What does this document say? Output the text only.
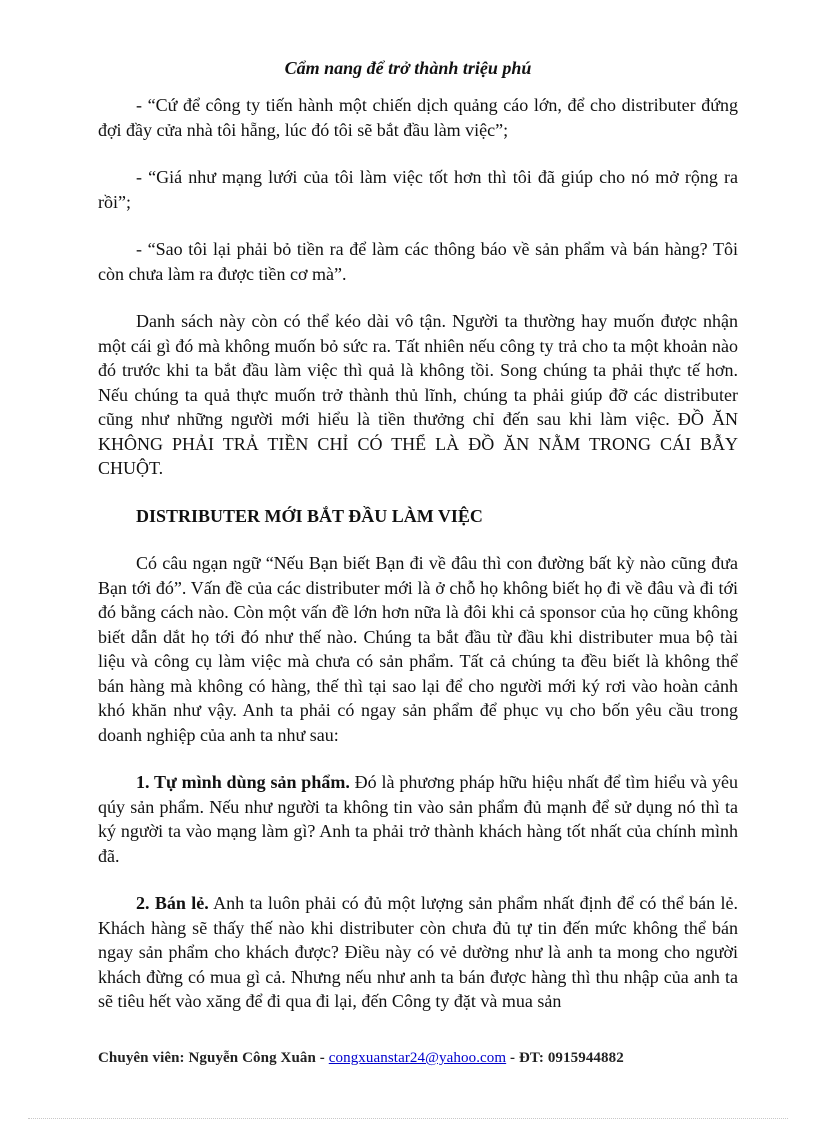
Cẩm nang để trở thành triệu phú

- “Cứ để công ty tiến hành một chiến dịch quảng cáo lớn, để cho distributer đứng đợi đầy cửa nhà tôi hẵng, lúc đó tôi sẽ bắt đầu làm việc”;

- “Giá như mạng lưới của tôi làm việc tốt hơn thì tôi đã giúp cho nó mở rộng ra rồi”;

- “Sao tôi lại phải bỏ tiền ra để làm các thông báo về sản phẩm và bán hàng? Tôi còn chưa làm ra được tiền cơ mà”.

Danh sách này còn có thể kéo dài vô tận. Người ta thường hay muốn được nhận một cái gì đó mà không muốn bỏ sức ra. Tất nhiên nếu công ty trả cho ta một khoản nào đó trước khi ta bắt đầu làm việc thì quả là không tồi. Song chúng ta phải thực tế hơn. Nếu chúng ta quả thực muốn trở thành thủ lĩnh, chúng ta phải giúp đỡ các distributer cũng như những người mới hiểu là tiền thưởng chỉ đến sau khi làm việc. ĐỒ ĂN KHÔNG PHẢI TRẢ TIỀN CHỈ CÓ THỂ LÀ ĐỒ ĂN NẰM TRONG CÁI BẪY CHUỘT.

DISTRIBUTER MỚI BẮT ĐẦU LÀM VIỆC

Có câu ngạn ngữ “Nếu Bạn biết Bạn đi về đâu thì con đường bất kỳ nào cũng đưa Bạn tới đó”. Vấn đề của các distributer mới là ở chỗ họ không biết họ đi về đâu và đi tới đó bằng cách nào. Còn một vấn đề lớn hơn nữa là đôi khi cả sponsor của họ cũng không biết dẫn dắt họ tới đó như thế nào. Chúng ta bắt đầu từ đầu khi distributer mua bộ tài liệu và công cụ làm việc mà chưa có sản phẩm. Tất cả chúng ta đều biết là không thể bán hàng mà không có hàng, thế thì tại sao lại để cho người mới ký rơi vào hoàn cảnh khó khăn như vậy. Anh ta phải có ngay sản phẩm để phục vụ cho bốn yêu cầu trong doanh nghiệp của anh ta như sau:

1. Tự mình dùng sản phẩm. Đó là phương pháp hữu hiệu nhất để tìm hiểu và yêu qúy sản phẩm. Nếu như người ta không tin vào sản phẩm đủ mạnh để sử dụng nó thì ta ký người ta vào mạng làm gì? Anh ta phải trở thành khách hàng tốt nhất của chính mình đã.

2. Bán lẻ. Anh ta luôn phải có đủ một lượng sản phẩm nhất định để có thể bán lẻ. Khách hàng sẽ thấy thế nào khi distributer còn chưa đủ tự tin đến mức không thể bán ngay sản phẩm cho khách được? Điều này có vẻ dường như là anh ta mong cho người khách đừng có mua gì cả. Nhưng nếu như anh ta bán được hàng thì thu nhập của anh ta sẽ tiêu hết vào xăng để đi qua đi lại, đến Công ty đặt và mua sản

Chuyên viên: Nguyễn Công Xuân - congxuanstar24@yahoo.com - ĐT: 0915944882
